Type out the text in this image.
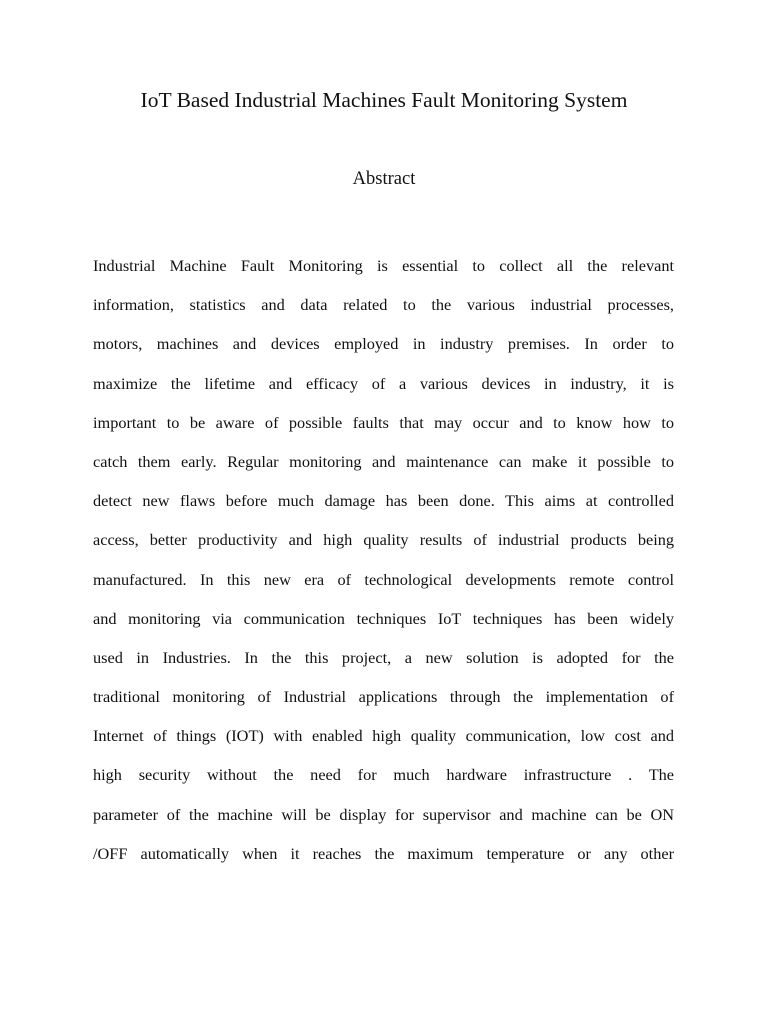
IoT Based Industrial Machines Fault Monitoring System
Abstract
Industrial Machine Fault Monitoring is essential to collect all the relevant
information, statistics and data related to the various industrial processes,
motors, machines and devices employed in industry premises. In order to
maximize the lifetime and efficacy of a various devices in industry, it is
important to be aware of possible faults that may occur and to know how to
catch them early. Regular monitoring and maintenance can make it possible to
detect new flaws before much damage has been done. This aims at controlled
access, better productivity and high quality results of industrial products being
manufactured. In this new era of technological developments remote control
and monitoring via communication techniques IoT techniques has been widely
used in Industries. In the this project, a new solution is adopted for the
traditional monitoring of Industrial applications through the implementation of
Internet of things (IOT) with enabled high quality communication, low cost and
high security without the need for much hardware infrastructure . The
parameter of the machine will be display for supervisor and machine can be ON
/OFF automatically when it reaches the maximum temperature or any other
